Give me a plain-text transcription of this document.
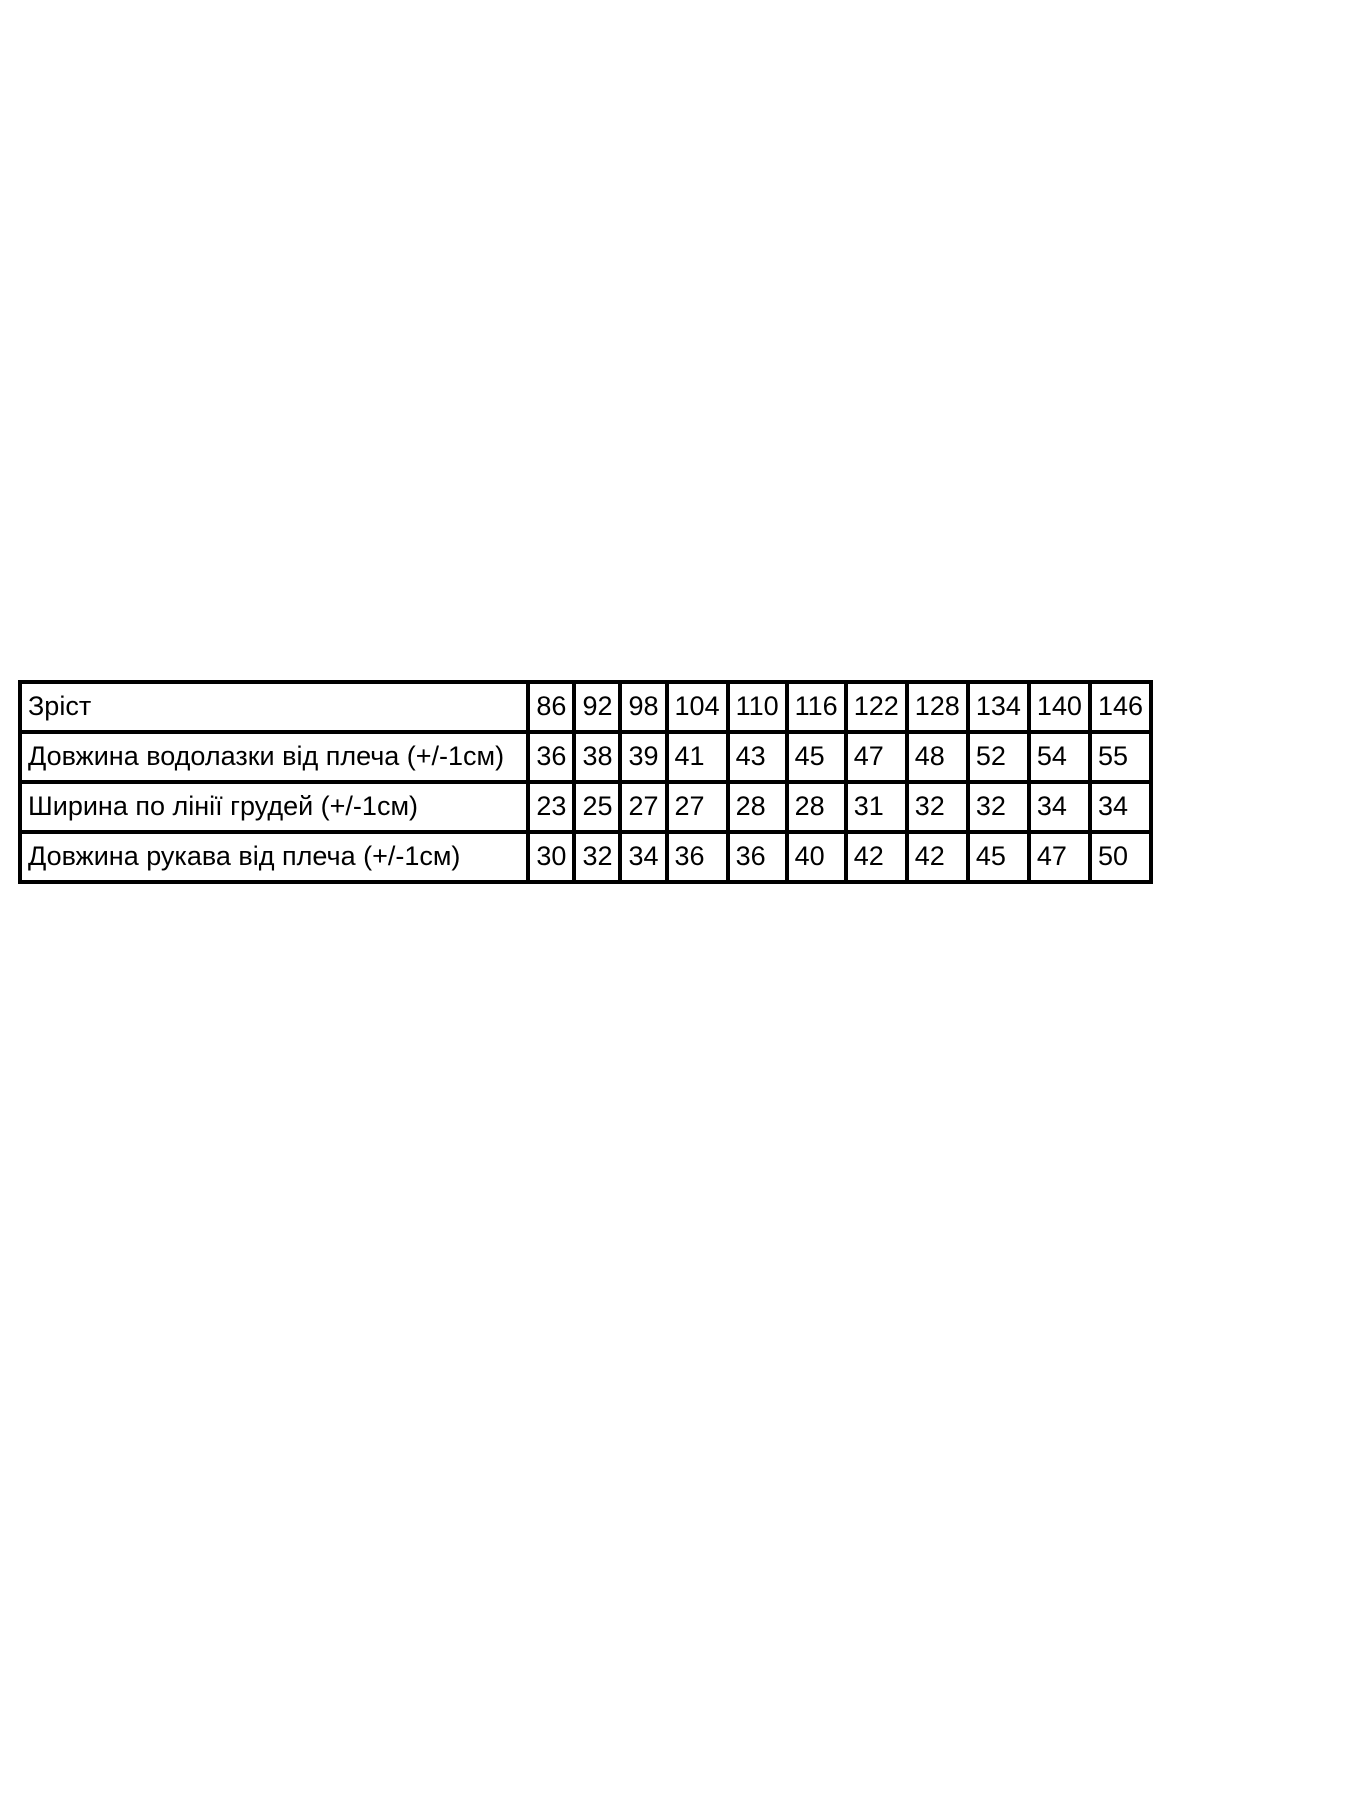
Зріст	86	92	98	104	110	116	122	128	134	140	146
Довжина водолазки від плеча (+/-1см)	36	38	39	41	43	45	47	48	52	54	55
Ширина по лінії грудей (+/-1см)	23	25	27	27	28	28	31	32	32	34	34
Довжина рукава від плеча (+/-1см)	30	32	34	36	36	40	42	42	45	47	50
